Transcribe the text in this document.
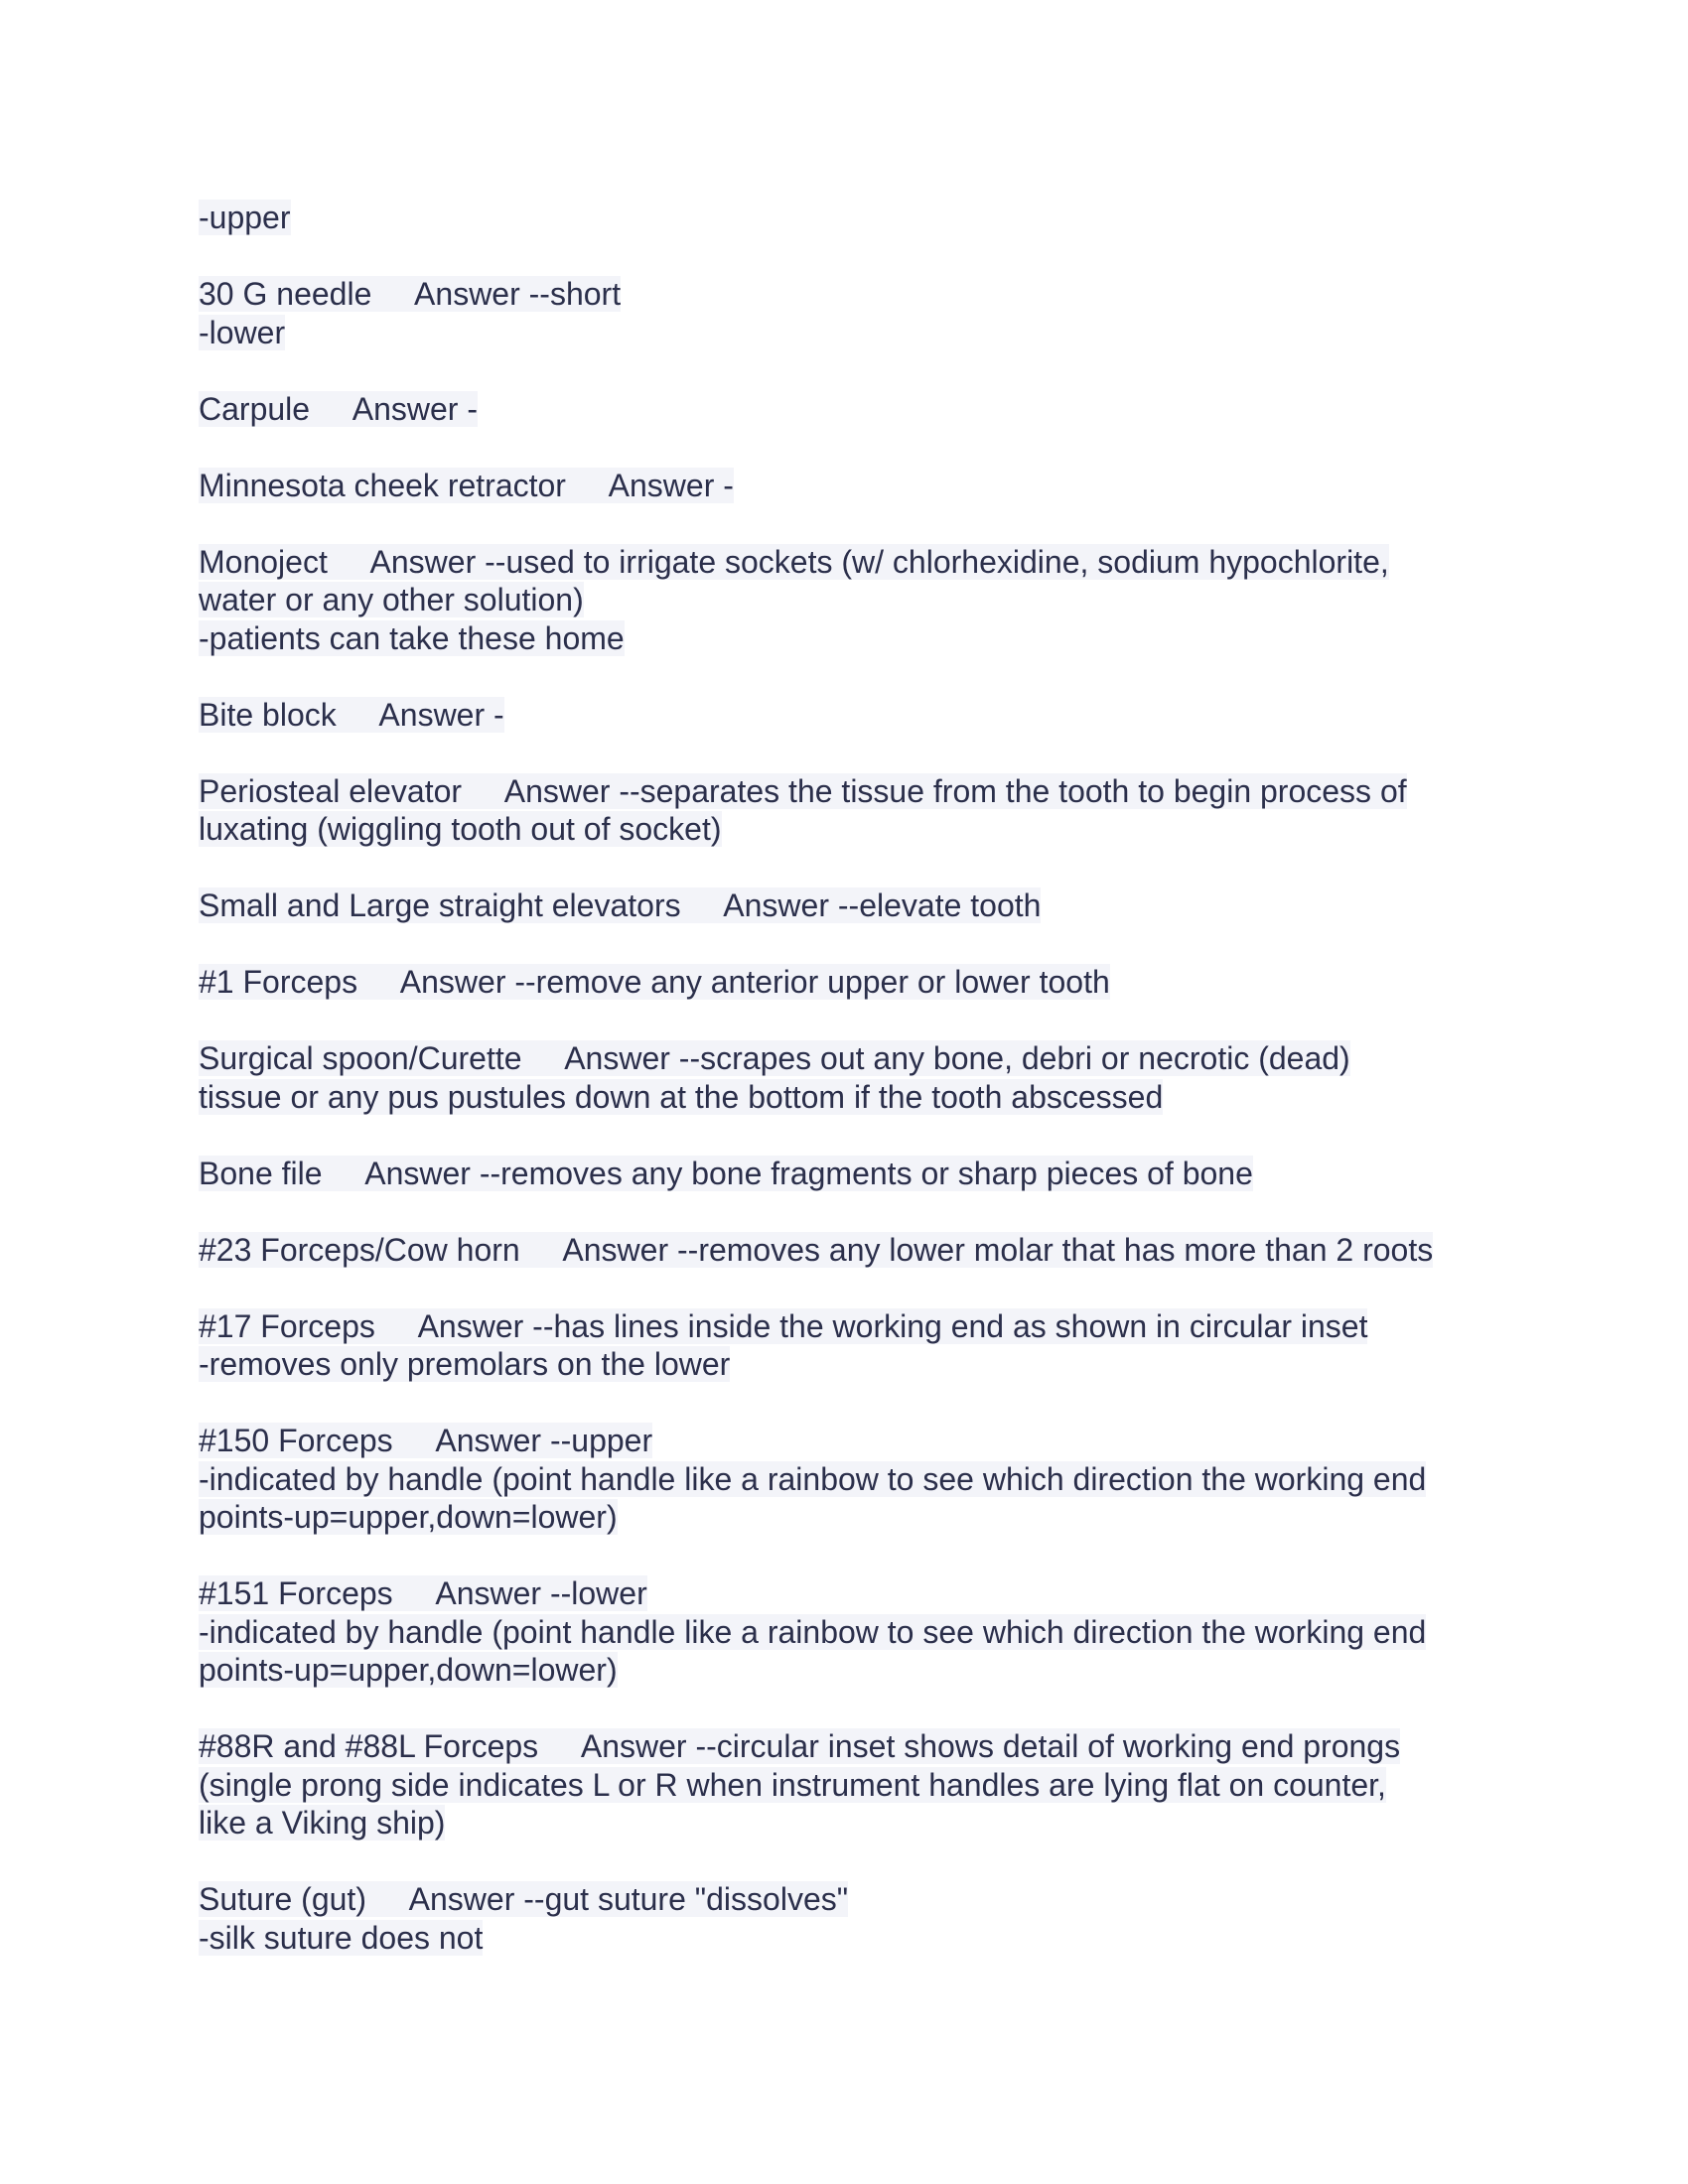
-upper
30 G needle     Answer --short
-lower
Carpule     Answer -
Minnesota cheek retractor     Answer -
Monoject     Answer --used to irrigate sockets (w/ chlorhexidine, sodium hypochlorite,
water or any other solution)
-patients can take these home
Bite block     Answer -
Periosteal elevator     Answer --separates the tissue from the tooth to begin process of
luxating (wiggling tooth out of socket)
Small and Large straight elevators     Answer --elevate tooth
#1 Forceps     Answer --remove any anterior upper or lower tooth
Surgical spoon/Curette     Answer --scrapes out any bone, debri or necrotic (dead)
tissue or any pus pustules down at the bottom if the tooth abscessed
Bone file     Answer --removes any bone fragments or sharp pieces of bone
#23 Forceps/Cow horn     Answer --removes any lower molar that has more than 2 roots
#17 Forceps     Answer --has lines inside the working end as shown in circular inset
-removes only premolars on the lower
#150 Forceps     Answer --upper
-indicated by handle (point handle like a rainbow to see which direction the working end
points-up=upper,down=lower)
#151 Forceps     Answer --lower
-indicated by handle (point handle like a rainbow to see which direction the working end
points-up=upper,down=lower)
#88R and #88L Forceps     Answer --circular inset shows detail of working end prongs
(single prong side indicates L or R when instrument handles are lying flat on counter,
like a Viking ship)
Suture (gut)     Answer --gut suture "dissolves"
-silk suture does not
